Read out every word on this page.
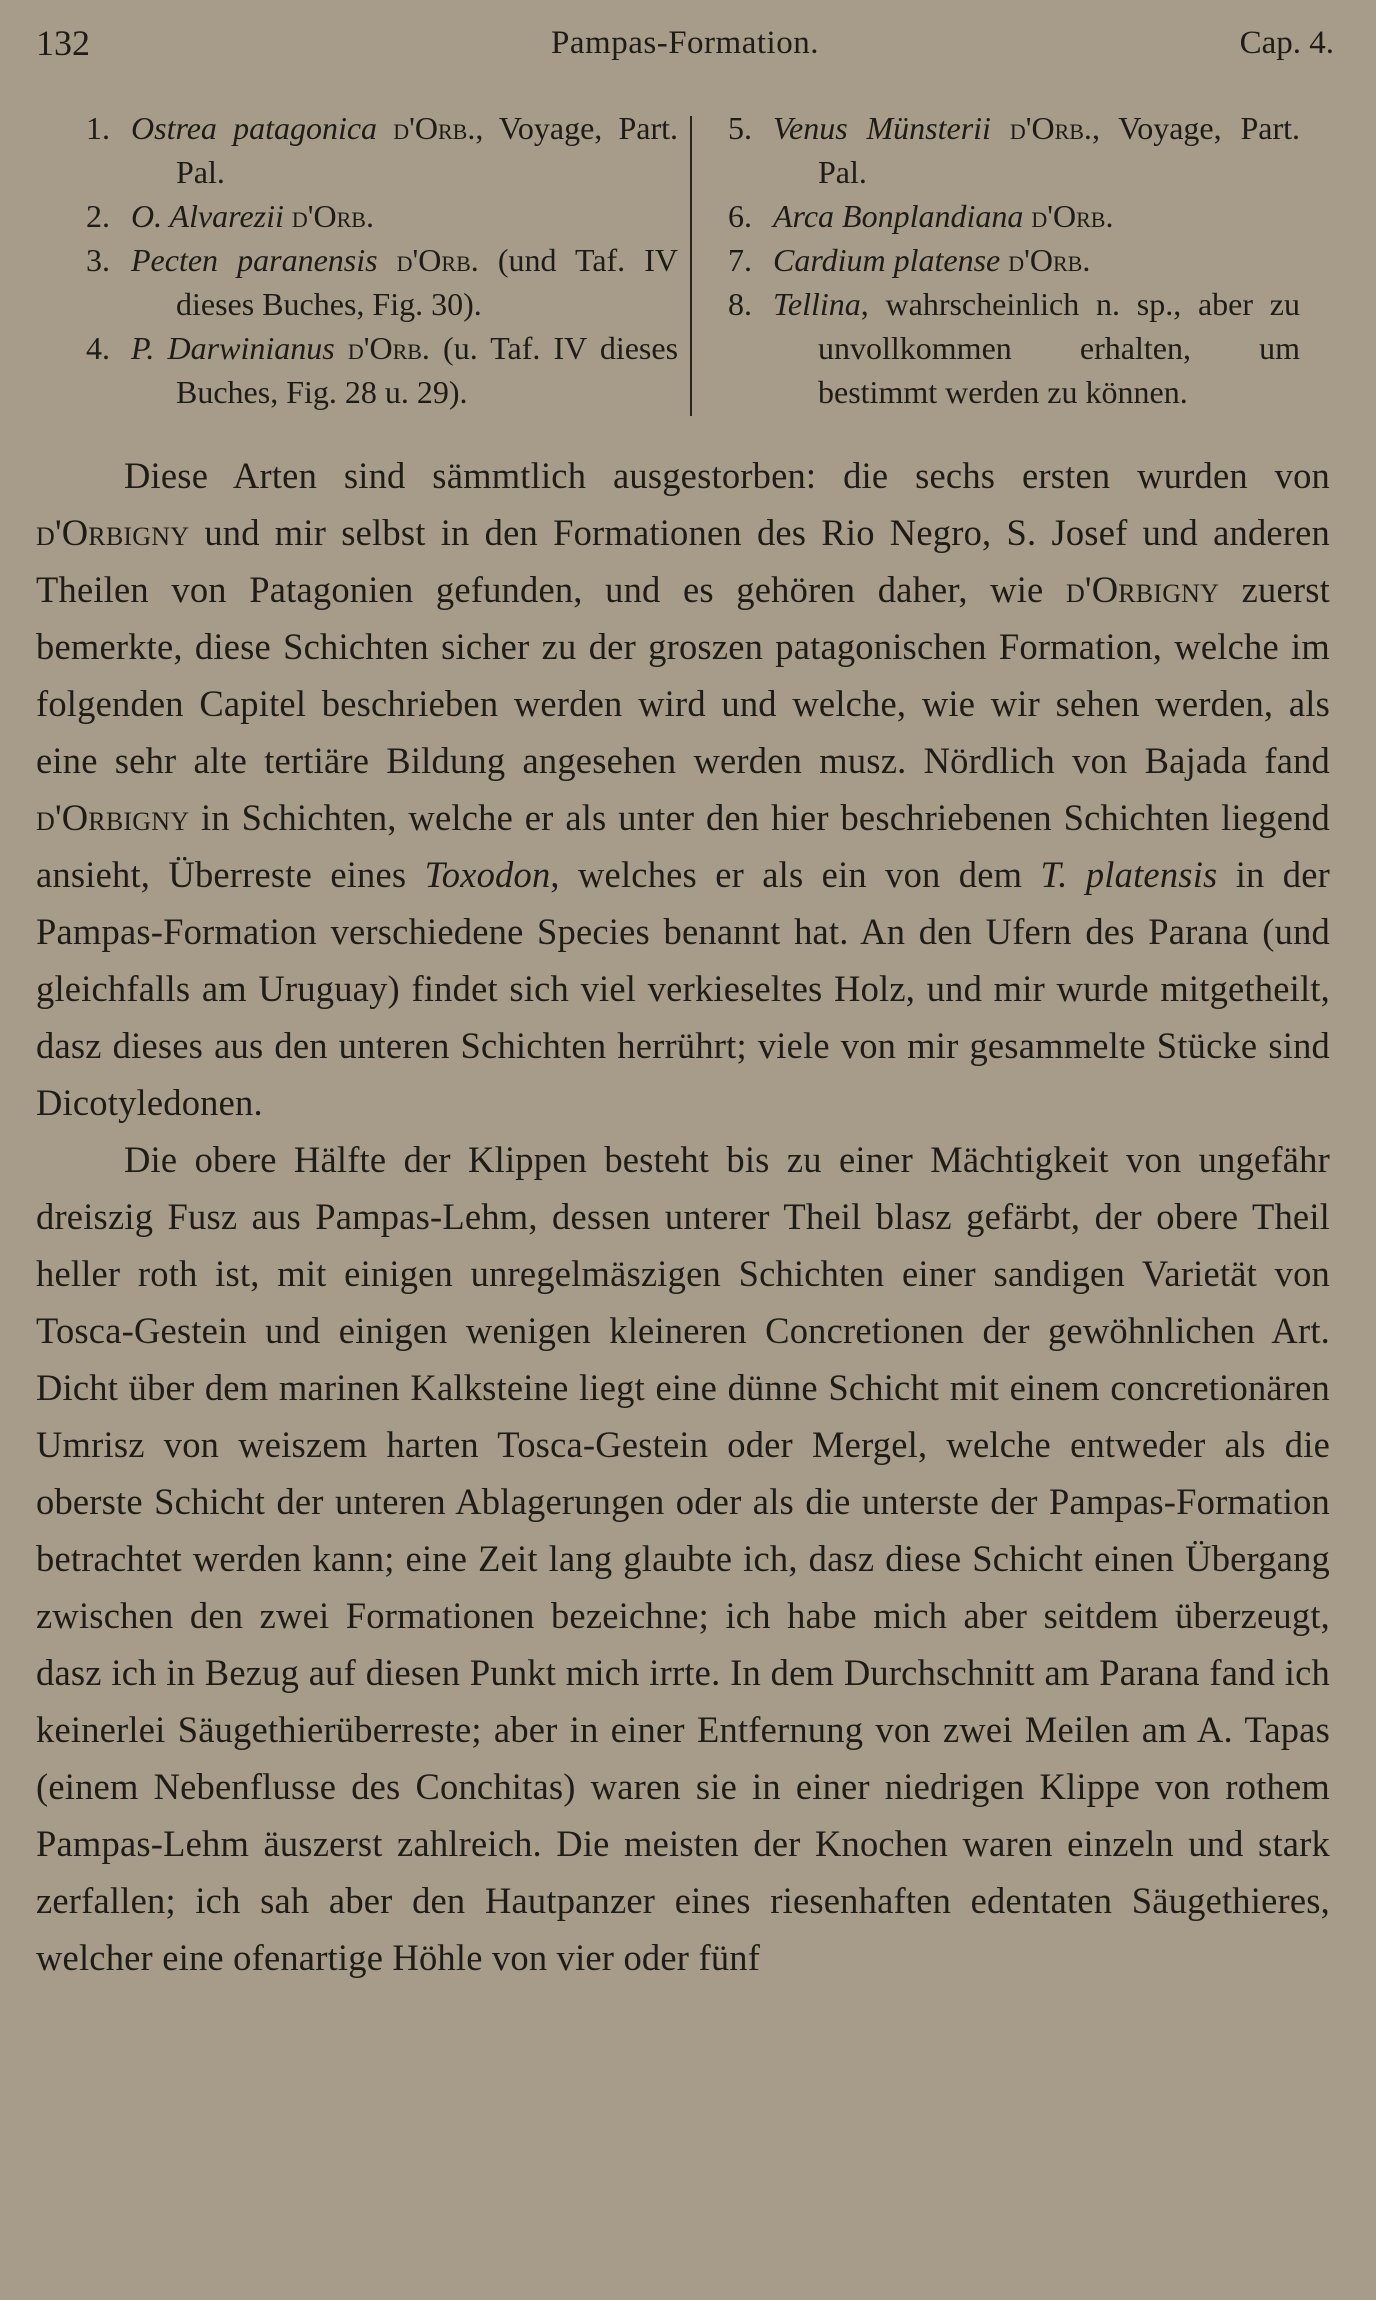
132	Pampas-Formation.	Cap. 4.
1. Ostrea patagonica d'Orb., Voyage, Part. Pal.
2. O. Alvarezii d'Orb.
3. Pecten paranensis d'Orb. (und Taf. IV dieses Buches, Fig. 30).
4. P. Darwinianus d'Orb. (u. Taf. IV dieses Buches, Fig. 28 u. 29).
5. Venus Münsterii d'Orb., Voyage, Part. Pal.
6. Arca Bonplandiana d'Orb.
7. Cardium platense d'Orb.
8. Tellina, wahrscheinlich n. sp., aber zu unvollkommen erhalten, um bestimmt werden zu können.

Diese Arten sind sämmtlich ausgestorben: die sechs ersten wurden von d'Orbigny und mir selbst in den Formationen des Rio Negro, S. Josef und anderen Theilen von Patagonien gefunden, und es gehören daher, wie d'Orbigny zuerst bemerkte, diese Schichten sicher zu der groszen patagonischen Formation, welche im folgenden Capitel beschrieben werden wird und welche, wie wir sehen werden, als eine sehr alte tertiäre Bildung angesehen werden musz. Nördlich von Bajada fand d'Orbigny in Schichten, welche er als unter den hier beschriebenen Schichten liegend ansieht, Überreste eines Toxodon, welches er als ein von dem T. platensis in der Pampas-Formation verschiedene Species benannt hat. An den Ufern des Parana (und gleichfalls am Uruguay) findet sich viel verkieseltes Holz, und mir wurde mitgetheilt, dasz dieses aus den unteren Schichten herrührt; viele von mir gesammelte Stücke sind Dicotyledonen.

Die obere Hälfte der Klippen besteht bis zu einer Mächtigkeit von ungefähr dreiszig Fusz aus Pampas-Lehm, dessen unterer Theil blasz gefärbt, der obere Theil heller roth ist, mit einigen unregelmäszigen Schichten einer sandigen Varietät von Tosca-Gestein und einigen wenigen kleineren Concretionen der gewöhnlichen Art. Dicht über dem marinen Kalksteine liegt eine dünne Schicht mit einem concretionären Umrisz von weiszem harten Tosca-Gestein oder Mergel, welche entweder als die oberste Schicht der unteren Ablagerungen oder als die unterste der Pampas-Formation betrachtet werden kann; eine Zeit lang glaubte ich, dasz diese Schicht einen Übergang zwischen den zwei Formationen bezeichne; ich habe mich aber seitdem überzeugt, dasz ich in Bezug auf diesen Punkt mich irrte. In dem Durchschnitt am Parana fand ich keinerlei Säugethierüberreste; aber in einer Entfernung von zwei Meilen am A. Tapas (einem Nebenflusse des Conchitas) waren sie in einer niedrigen Klippe von rothem Pampas-Lehm äuszerst zahlreich. Die meisten der Knochen waren einzeln und stark zerfallen; ich sah aber den Hautpanzer eines riesenhaften edentaten Säugethieres, welcher eine ofenartige Höhle von vier oder fünf
